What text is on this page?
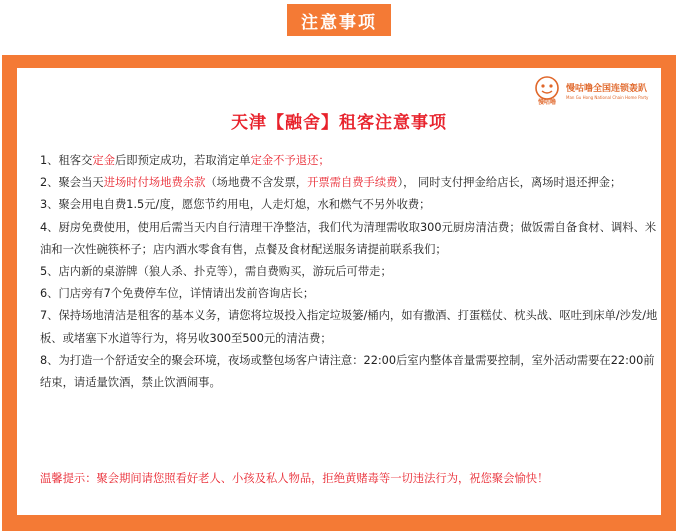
注意事项
慢咕噜
慢咕噜全国连锁轰趴
Man Gu Hong National Chain Home Party
天津【融舍】租客注意事项

1、租客交定金后即预定成功，若取消定单定金不予退还；

2、聚会当天进场时付场地费余款（场地费不含发票，开票需自费手续费）， 同时支付押金给店长，离场时退还押金；

3、聚会用电自费1.5元/度，愿您节约用电，人走灯熄，水和燃气不另外收费；

4、厨房免费使用，使用后需当天内自行清理干净整洁，我们代为清理需收取300元厨房清洁费；做饭需自备食材、调料、米油和一次性碗筷杯子；店内酒水零食有售，点餐及食材配送服务请提前联系我们；

5、店内新的桌游牌（狼人杀、扑克等），需自费购买，游玩后可带走；

6、门店旁有7个免费停车位，详情请出发前咨询店长；

7、保持场地清洁是租客的基本义务，请您将垃圾投入指定垃圾篓/桶内，如有撒酒、打蛋糕仗、枕头战、呕吐到床单/沙发/地板、或堵塞下水道等行为，将另收300至500元的清洁费；

8、为打造一个舒适安全的聚会环境，夜场或整包场客户请注意：22:00后室内整体音量需要控制，室外活动需要在22:00前结束，请适量饮酒，禁止饮酒闹事。

温馨提示：聚会期间请您照看好老人、小孩及私人物品，拒绝黄赌毒等一切违法行为，祝您聚会愉快！
